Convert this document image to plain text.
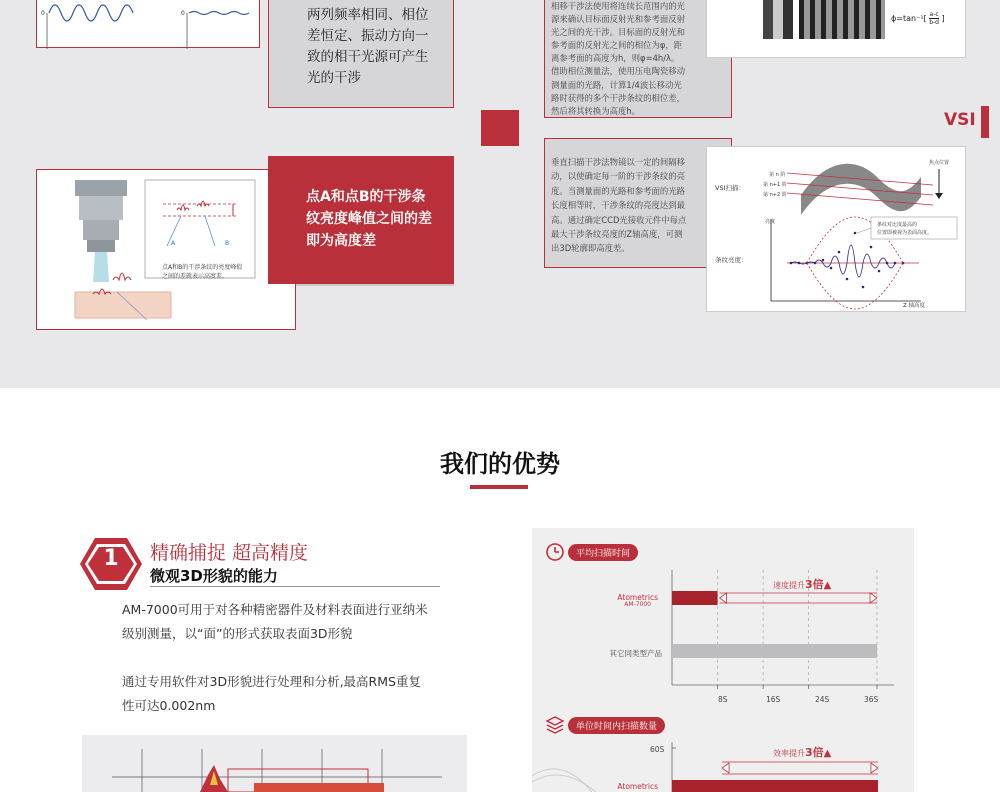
0	0	两列频率相同、相位
差恒定、振动方向一
致的相干光源可产生
光的干涉
相移干涉法使用将连续长范围内的光
源来确认目标面反射光和参考面反射
光之间的光干涉。目标面的反射光和
参考面的反射光之间的相位为φ，距
离参考面的高度为h，则φ=4h/λ。
借助相位测量法，使用压电陶瓷移动
测量面的光路，计算1/4波长移动光
路时获得的多个干涉条纹的相位差，
然后将其转换为高度h。
$\phi=\tan^{-1}[ \frac{a-c}{b-d}$ ]
VSI
点A和B的干涉条纹的亮度峰值
之间的差就表示高度差。
A	B
点A和点B的干涉条
纹亮度峰值之间的差
即为高度差
垂直扫描干涉法物镜以一定的间隔移
动，以使确定每一阶的干涉条纹的亮
度。当测量面的光路和参考面的光路
长度相等时，干涉条纹的亮度达到最
高。通过确定CCD光接收元件中每点
最大干涉条纹亮度的Z轴高度，可测
出3D轮廓即高度差。
VSI扫描：
条纹亮度：
第 n 阶
第 n+1 阶
第 n+2 阶
焦点位置
亮度	条纹对比度最高的
位置即被视为表面高度。
Z 轴高度
我们的优势
1	精确捕捉 超高精度
微观3D形貌的能力
AM-7000可用于对各种精密器件及材料表面进行亚纳米
级别测量，以“面”的形式获取表面3D形貌
通过专用软件对3D形貌进行处理和分析,最高RMS重复
性可达0.002nm
平均扫描时间
Atometrics
AM-7000
其它同类型产品
速度提升3倍▲
8S	16S	24S	36S
单位时间内扫描数量
60S	效率提升3倍▲
Atometrics
